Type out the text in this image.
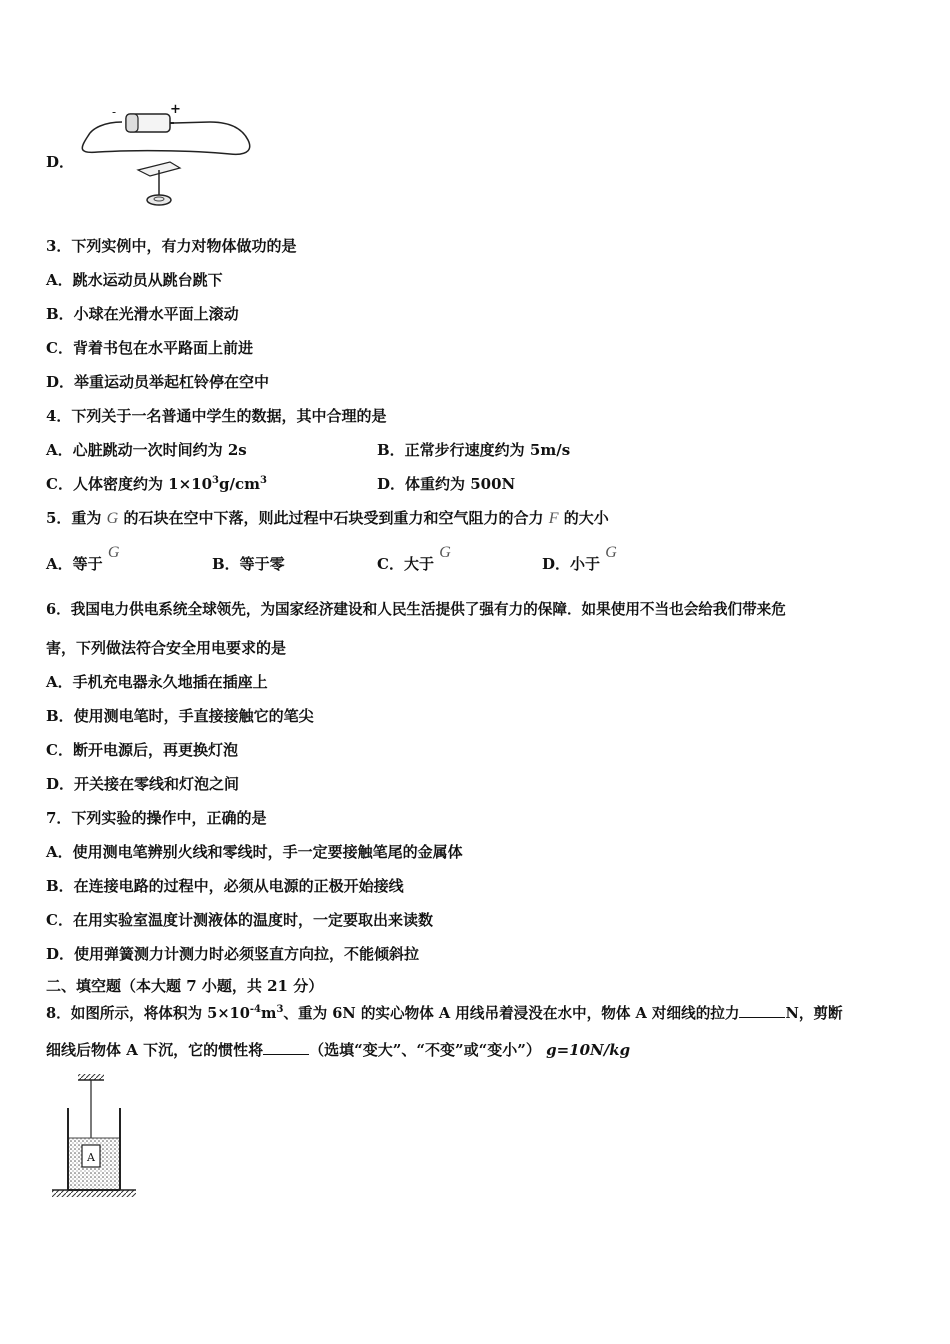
D．
-	+
3．下列实例中，有力对物体做功的是
A．跳水运动员从跳台跳下
B．小球在光滑水平面上滚动
C．背着书包在水平路面上前进
D．举重运动员举起杠铃停在空中
4．下列关于一名普通中学生的数据，其中合理的是
A．心脏跳动一次时间约为 2s	B．正常步行速度约为 5m/s
C．人体密度约为 $1\times 10^3g/cm^3$	D．体重约为 500N
5．重为 G 的石块在空中下落，则此过程中石块受到重力和空气阻力的合力 F 的大小
A．等于 G
B．等于零	C．大于 G
D．小于 G
6．我国电力供电系统全球领先，为国家经济建设和人民生活提供了强有力的保障．如果使用不当也会给我们带来危
害，下列做法符合安全用电要求的是
A．手机充电器永久地插在插座上
B．使用测电笔时，手直接接触它的笔尖
C．断开电源后，再更换灯泡
D．开关接在零线和灯泡之间
7．下列实验的操作中，正确的是
A．使用测电笔辨别火线和零线时，手一定要接触笔尾的金属体
B．在连接电路的过程中，必须从电源的正极开始接线
C．在用实验室温度计测液体的温度时，一定要取出来读数
D．使用弹簧测力计测力时必须竖直方向拉，不能倾斜拉
二、填空题（本大题 7 小题，共 21 分）
8．如图所示，将体积为 $5\times 10^{-4}m^3$、重为 6N 的实心物体 A 用线吊着浸没在水中，物体 A 对细线的拉力	N，剪断
细线后物体 A 下沉，它的惯性将	（选填“变大”、“不变”或“变小”） g=10N/kg
A
